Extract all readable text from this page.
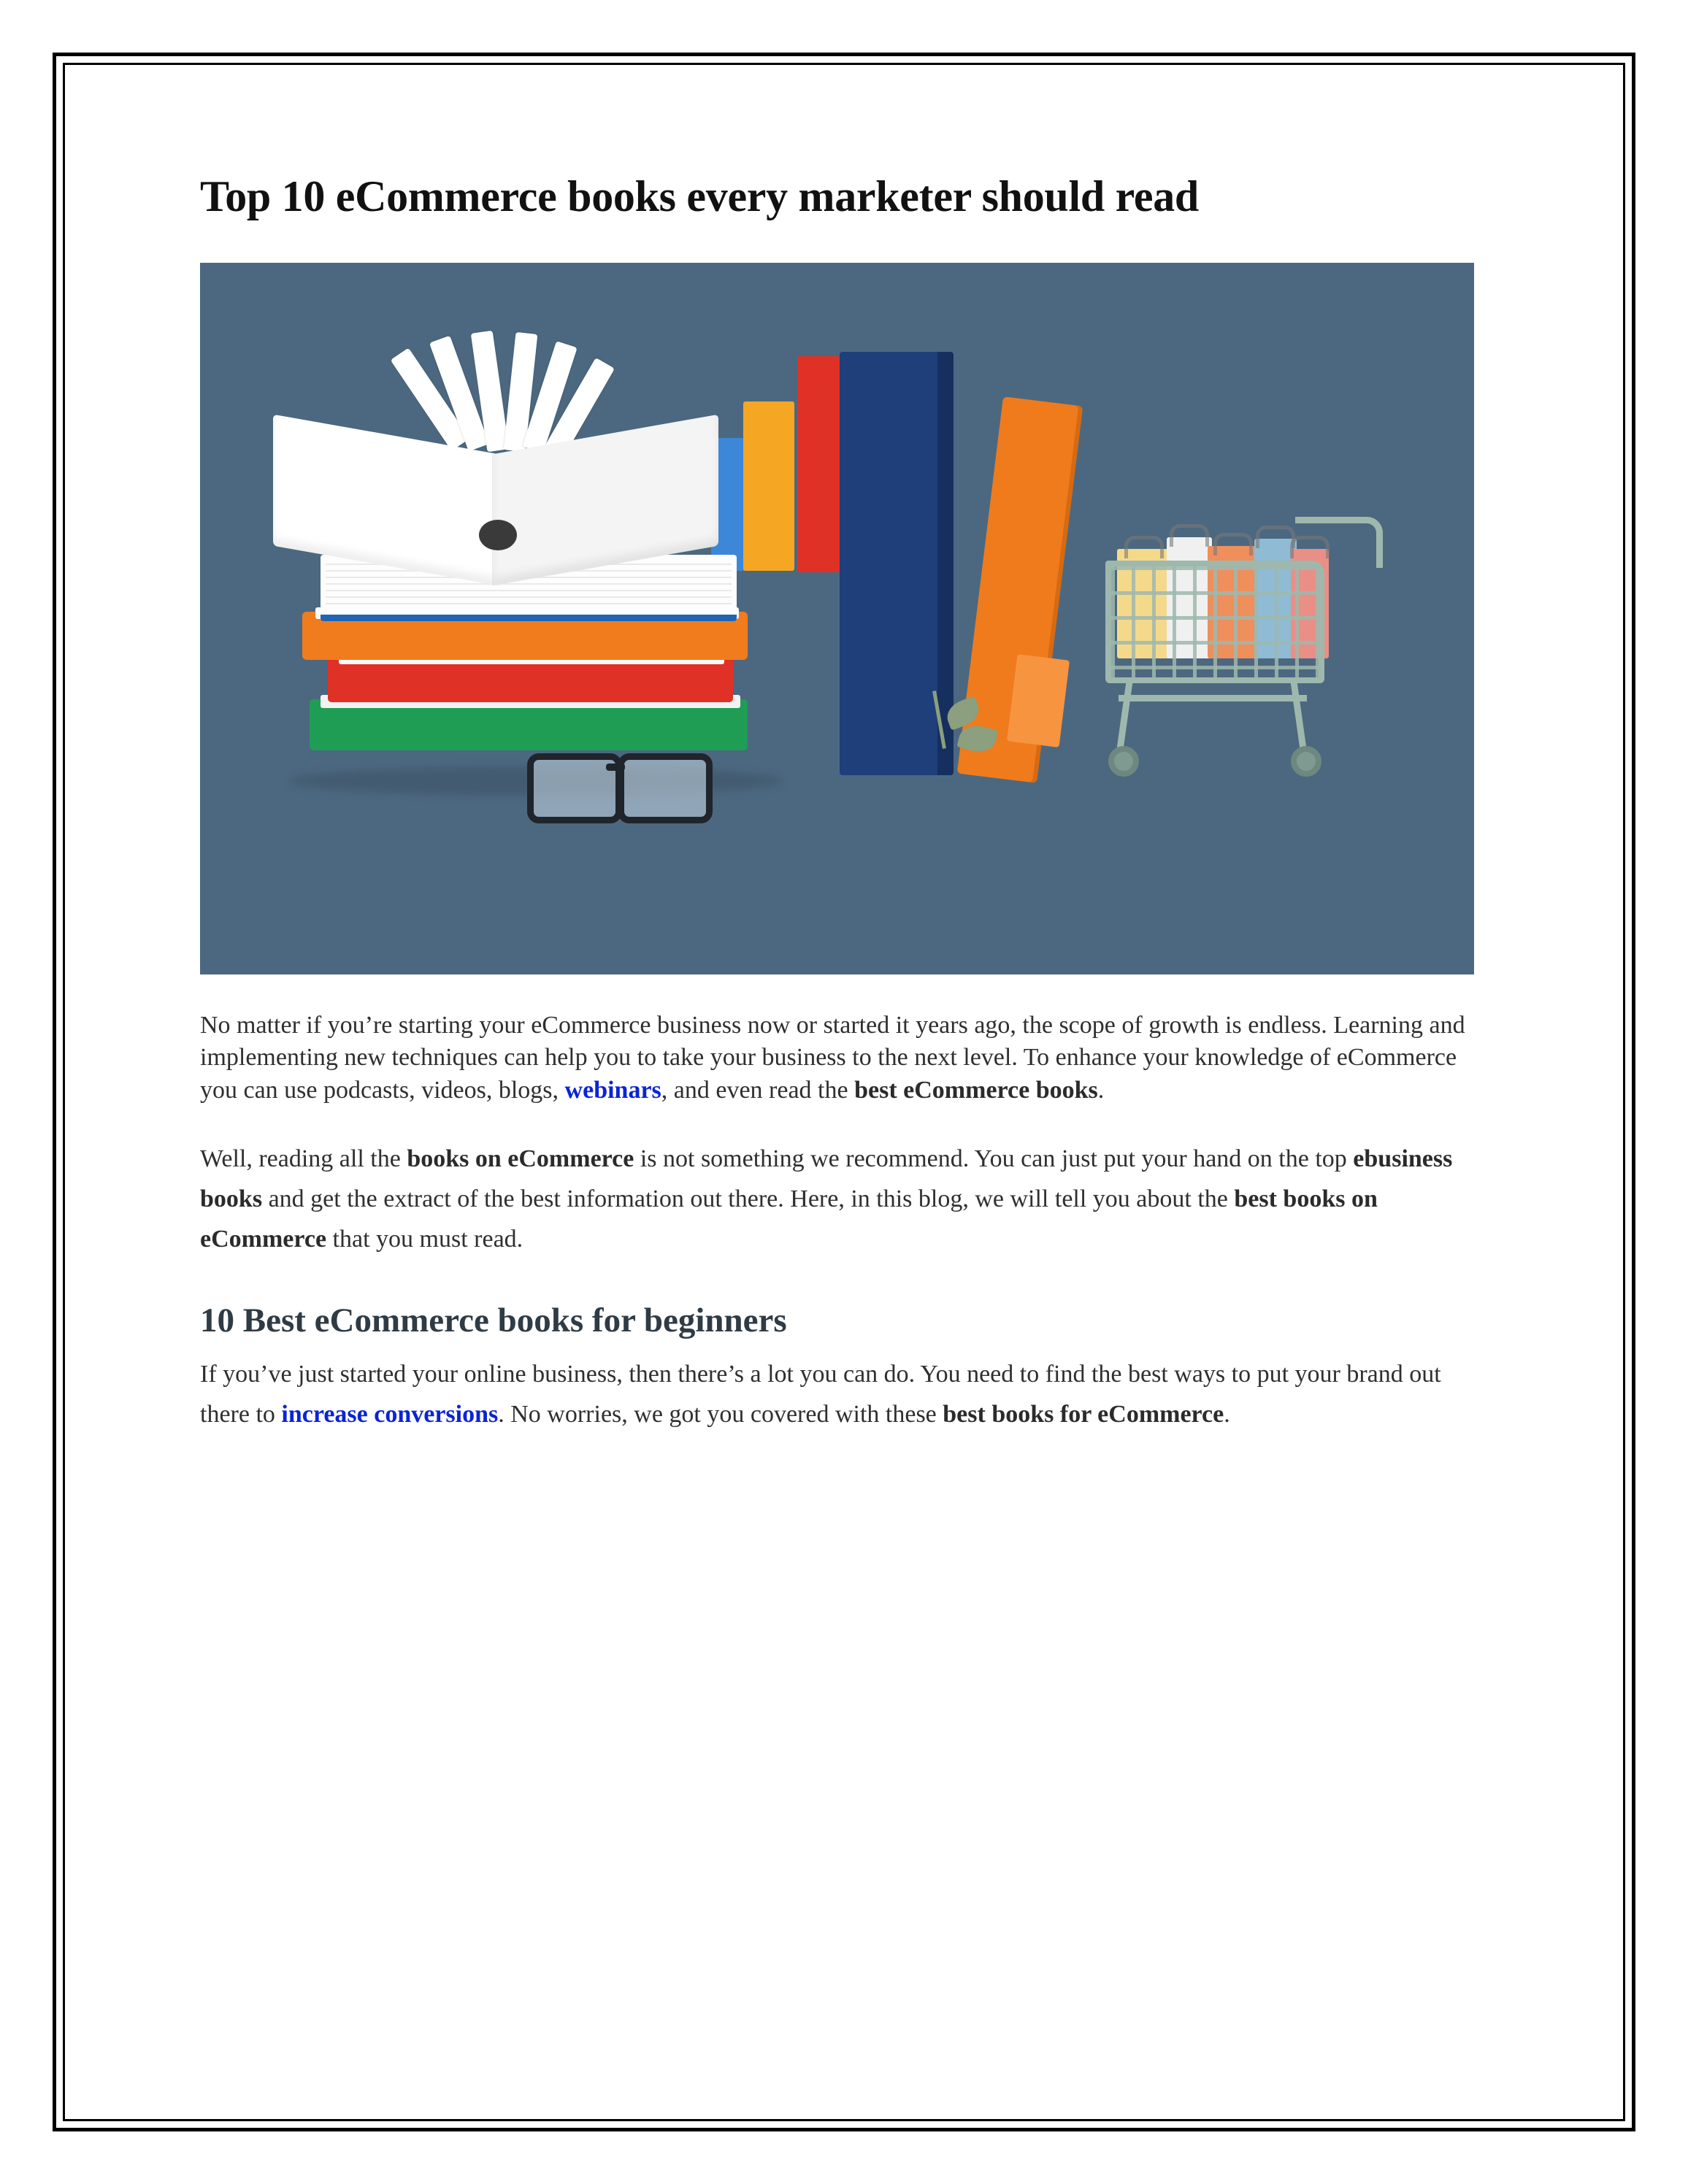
Top 10 eCommerce books every marketer should read

No matter if you’re starting your eCommerce business now or started it years ago, the scope of growth is endless. Learning and implementing new techniques can help you to take your business to the next level. To enhance your knowledge of eCommerce you can use podcasts, videos, blogs, webinars, and even read the best eCommerce books.

Well, reading all the books on eCommerce is not something we recommend. You can just put your hand on the top ebusiness books and get the extract of the best information out there. Here, in this blog, we will tell you about the best books on eCommerce that you must read.

10 Best eCommerce books for beginners

If you’ve just started your online business, then there’s a lot you can do. You need to find the best ways to put your brand out there to increase conversions. No worries, we got you covered with these best books for eCommerce.
